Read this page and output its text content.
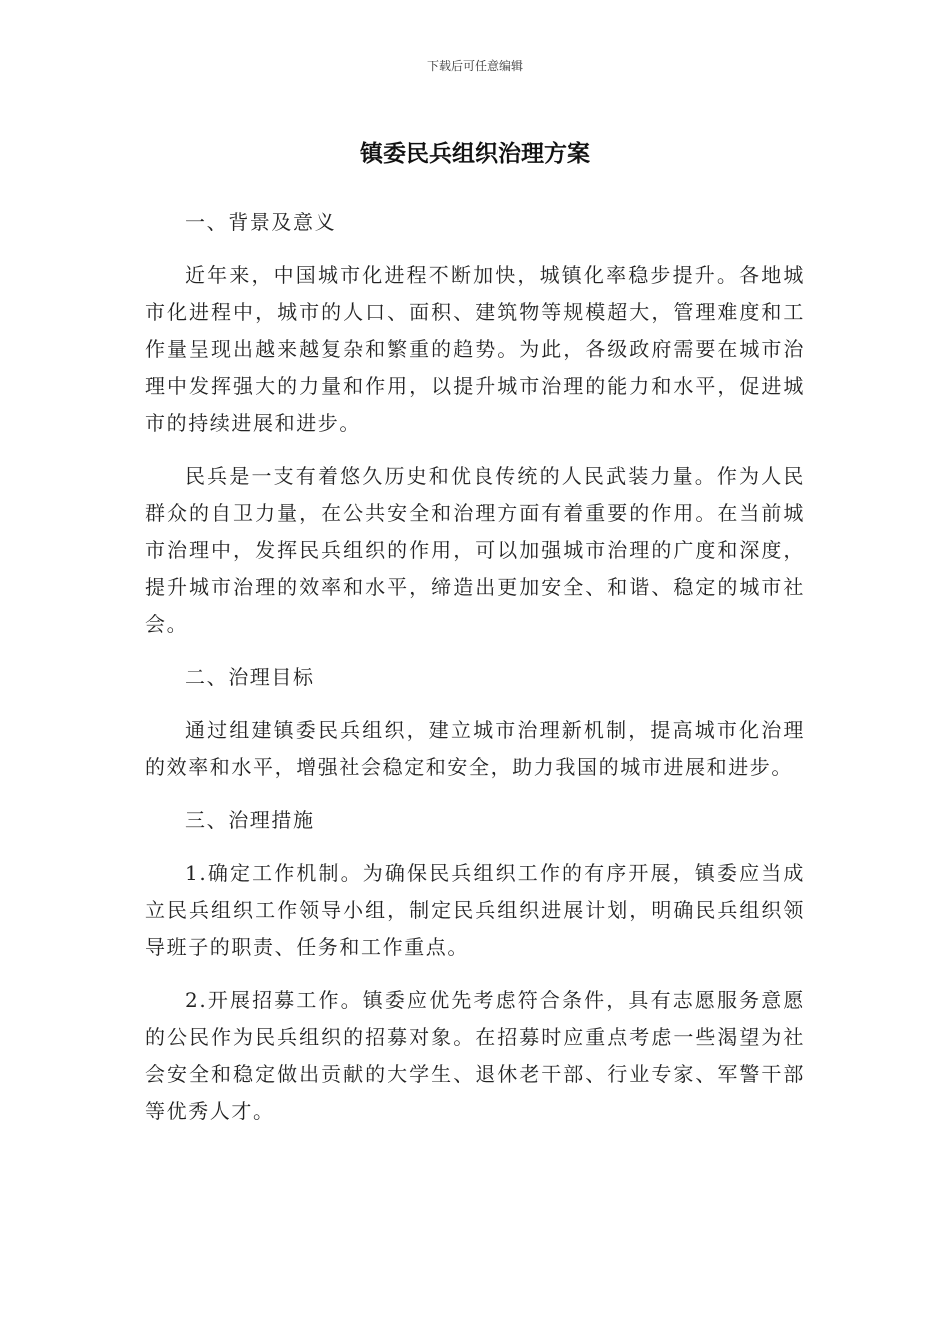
下载后可任意编辑
镇委民兵组织治理方案

一、背景及意义

近年来，中国城市化进程不断加快，城镇化率稳步提升。各地城市化进程中，城市的人口、面积、建筑物等规模超大，管理难度和工作量呈现出越来越复杂和繁重的趋势。为此，各级政府需要在城市治理中发挥强大的力量和作用，以提升城市治理的能力和水平，促进城市的持续进展和进步。

民兵是一支有着悠久历史和优良传统的人民武装力量。作为人民群众的自卫力量，在公共安全和治理方面有着重要的作用。在当前城市治理中，发挥民兵组织的作用，可以加强城市治理的广度和深度，提升城市治理的效率和水平，缔造出更加安全、和谐、稳定的城市社会。

二、治理目标

通过组建镇委民兵组织，建立城市治理新机制，提高城市化治理的效率和水平，增强社会稳定和安全，助力我国的城市进展和进步。

三、治理措施

1.确定工作机制。为确保民兵组织工作的有序开展，镇委应当成立民兵组织工作领导小组，制定民兵组织进展计划，明确民兵组织领导班子的职责、任务和工作重点。

2.开展招募工作。镇委应优先考虑符合条件，具有志愿服务意愿的公民作为民兵组织的招募对象。在招募时应重点考虑一些渴望为社会安全和稳定做出贡献的大学生、退休老干部、行业专家、军警干部等优秀人才。
